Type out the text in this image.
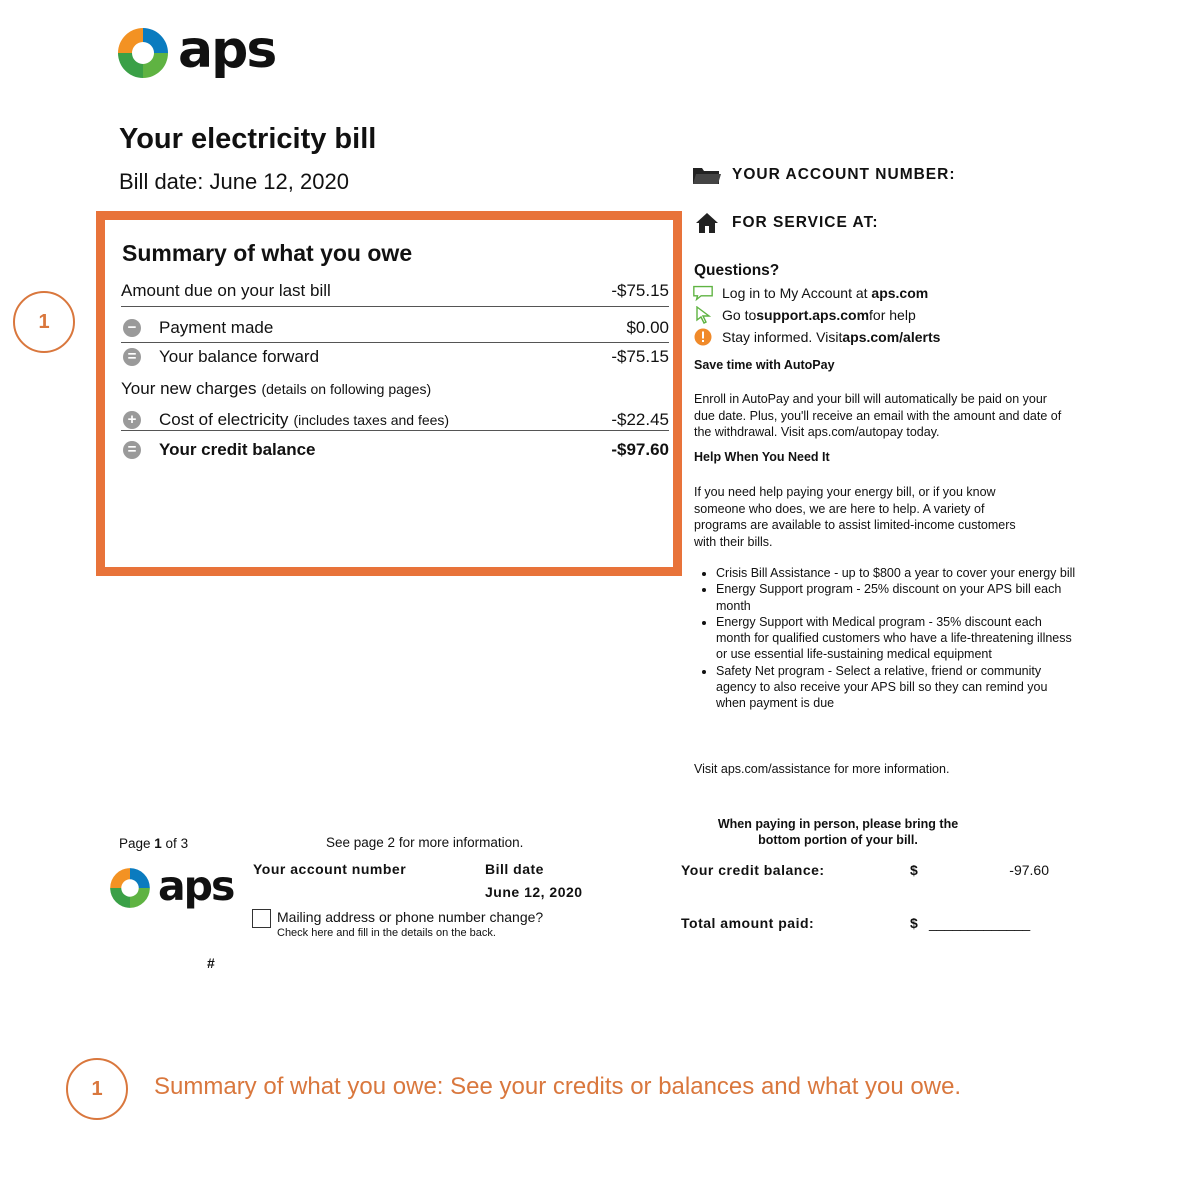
aps
Your electricity bill
Bill date: June 12, 2020
1
Summary of what you owe
Amount due on your last bill	-$75.15
− Payment made	$0.00
= Your balance forward	-$75.15
Your new charges (details on following pages)
+ Cost of electricity (includes taxes and fees)	-$22.45
= Your credit balance	-$97.60
YOUR ACCOUNT NUMBER:
FOR SERVICE AT:
Questions?
Log in to My Account at
aps.com
Go to support.aps.com for help
Stay informed. Visit aps.com/alerts
Save time with AutoPay
Enroll in AutoPay and your bill will automatically be paid on your due date. Plus, you'll receive an email with the amount and date of the withdrawal. Visit aps.com/autopay today.
Help When You Need It
If you need help paying your energy bill, or if you know someone who does, we are here to help. A variety of programs are available to assist limited-income customers with their bills.
• Crisis Bill Assistance - up to $800 a year to cover your energy bill
• Energy Support program - 25% discount on your APS bill each month
• Energy Support with Medical program - 35% discount each month for qualified customers who have a life-threatening illness or use essential life-sustaining medical equipment
• Safety Net program - Select a relative, friend or community agency to also receive your APS bill so they can remind you when payment is due
Visit aps.com/assistance for more information.
Page 1 of 3	See page 2 for more information.
When paying in person, please bring the bottom portion of your bill.
aps Your account number	Bill date
June 12, 2020
Mailing address or phone number change?
Check here and fill in the details on the back.
#
Your credit balance:	$	-97.60
Total amount paid:	$ _____________
1 Summary of what you owe: See your credits or balances and what you owe.
